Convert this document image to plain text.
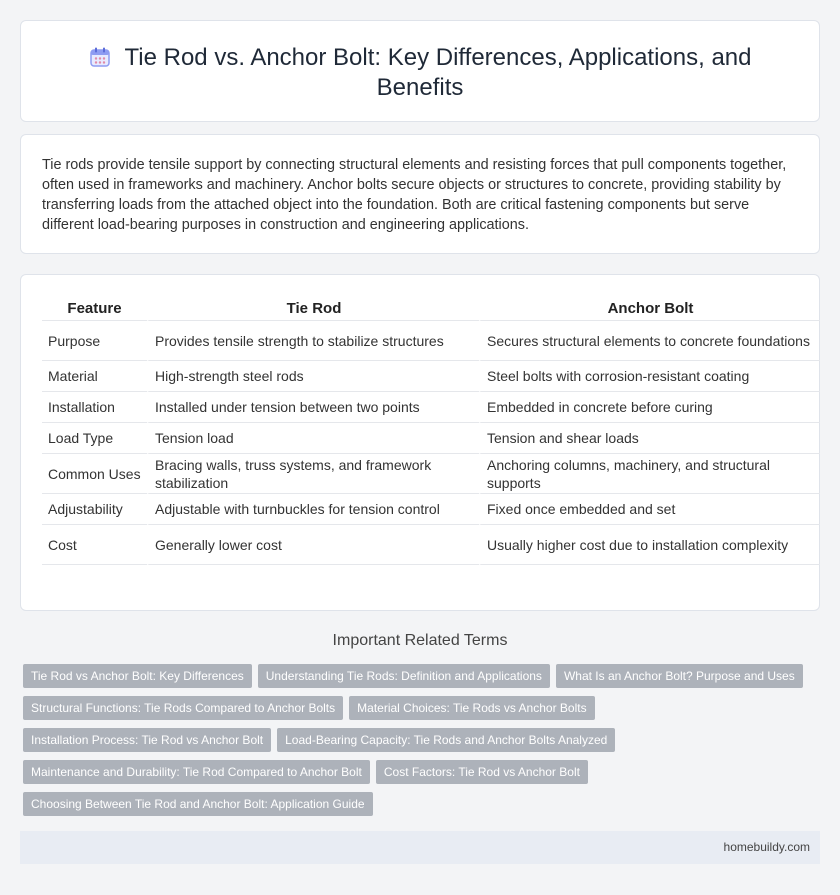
Tie Rod vs. Anchor Bolt: Key Differences, Applications, and Benefits

Tie rods provide tensile support by connecting structural elements and resisting forces that pull components together, often used in frameworks and machinery. Anchor bolts secure objects or structures to concrete, providing stability by transferring loads from the attached object into the foundation. Both are critical fastening components but serve different load-bearing purposes in construction and engineering applications.

Feature	Tie Rod	Anchor Bolt
Purpose	Provides tensile strength to stabilize structures	Secures structural elements to concrete foundations
Material	High-strength steel rods	Steel bolts with corrosion-resistant coating
Installation	Installed under tension between two points	Embedded in concrete before curing
Load Type	Tension load	Tension and shear loads
Common Uses	Bracing walls, truss systems, and framework stabilization	Anchoring columns, machinery, and structural supports
Adjustability	Adjustable with turnbuckles for tension control	Fixed once embedded and set
Cost	Generally lower cost	Usually higher cost due to installation complexity
Important Related Terms
Tie Rod vs Anchor Bolt: Key Differences Understanding Tie Rods: Definition and Applications What Is an Anchor Bolt? Purpose and Uses
Structural Functions: Tie Rods Compared to Anchor Bolts Material Choices: Tie Rods vs Anchor Bolts
Installation Process: Tie Rod vs Anchor Bolt Load-Bearing Capacity: Tie Rods and Anchor Bolts Analyzed
Maintenance and Durability: Tie Rod Compared to Anchor Bolt Cost Factors: Tie Rod vs Anchor Bolt
Choosing Between Tie Rod and Anchor Bolt: Application Guide
homebuildy.com
